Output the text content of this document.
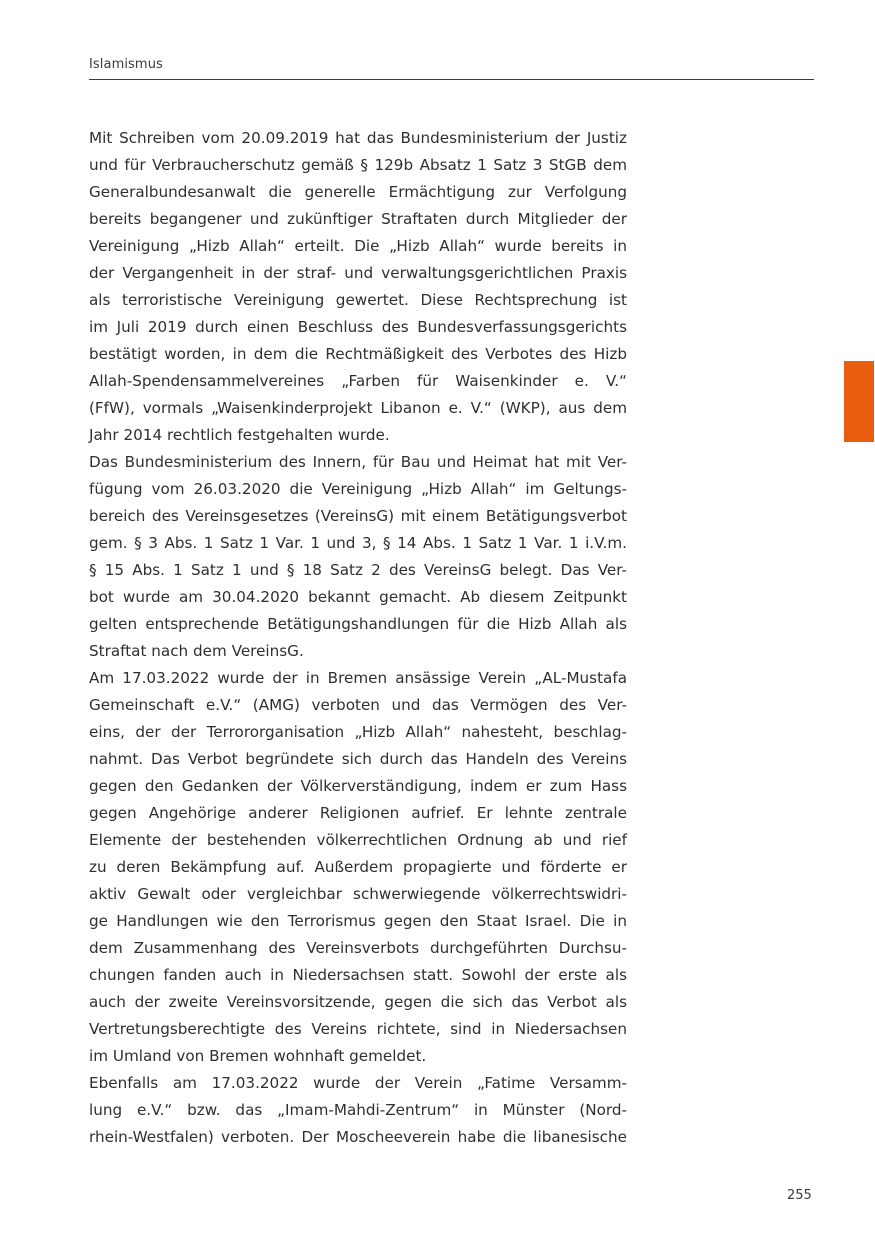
Islamismus
Mit Schreiben vom 20.09.2019 hat das Bundesministerium der Justiz
und für Verbraucherschutz gemäß § 129b Absatz 1 Satz 3 StGB dem
Generalbundesanwalt die generelle Ermächtigung zur Verfolgung
bereits begangener und zukünftiger Straftaten durch Mitglieder der
Vereinigung „Hizb Allah“ erteilt. Die „Hizb Allah“ wurde bereits in
der Vergangenheit in der straf- und verwaltungsgerichtlichen Praxis
als terroristische Vereinigung gewertet. Diese Rechtsprechung ist
im Juli 2019 durch einen Beschluss des Bundesverfassungsgerichts
bestätigt worden, in dem die Rechtmäßigkeit des Verbotes des Hizb
Allah-Spendensammelvereines „Farben für Waisenkinder e. V.“
(FfW), vormals „Waisenkinderprojekt Libanon e. V.“ (WKP), aus dem
Jahr 2014 rechtlich festgehalten wurde.
Das Bundesministerium des Innern, für Bau und Heimat hat mit Ver-
fügung vom 26.03.2020 die Vereinigung „Hizb Allah“ im Geltungs-
bereich des Vereinsgesetzes (VereinsG) mit einem Betätigungsverbot
gem. § 3 Abs. 1 Satz 1 Var. 1 und 3, § 14 Abs. 1 Satz 1 Var. 1 i.V.m.
§ 15 Abs. 1 Satz 1 und § 18 Satz 2 des VereinsG belegt. Das Ver-
bot wurde am 30.04.2020 bekannt gemacht. Ab diesem Zeitpunkt
gelten entsprechende Betätigungshandlungen für die Hizb Allah als
Straftat nach dem VereinsG.
Am 17.03.2022 wurde der in Bremen ansässige Verein „AL-Mustafa
Gemeinschaft e.V.“ (AMG) verboten und das Vermögen des Ver-
eins, der der Terrororganisation „Hizb Allah“ nahesteht, beschlag-
nahmt. Das Verbot begründete sich durch das Handeln des Vereins
gegen den Gedanken der Völkerverständigung, indem er zum Hass
gegen Angehörige anderer Religionen aufrief. Er lehnte zentrale
Elemente der bestehenden völkerrechtlichen Ordnung ab und rief
zu deren Bekämpfung auf. Außerdem propagierte und förderte er
aktiv Gewalt oder vergleichbar schwerwiegende völkerrechtswidri-
ge Handlungen wie den Terrorismus gegen den Staat Israel. Die in
dem Zusammenhang des Vereinsverbots durchgeführten Durchsu-
chungen fanden auch in Niedersachsen statt. Sowohl der erste als
auch der zweite Vereinsvorsitzende, gegen die sich das Verbot als
Vertretungsberechtigte des Vereins richtete, sind in Niedersachsen
im Umland von Bremen wohnhaft gemeldet.
Ebenfalls am 17.03.2022 wurde der Verein „Fatime Versamm-
lung e.V.“ bzw. das „Imam-Mahdi-Zentrum“ in Münster (Nord-
rhein-Westfalen) verboten. Der Moscheeverein habe die libanesische
255
